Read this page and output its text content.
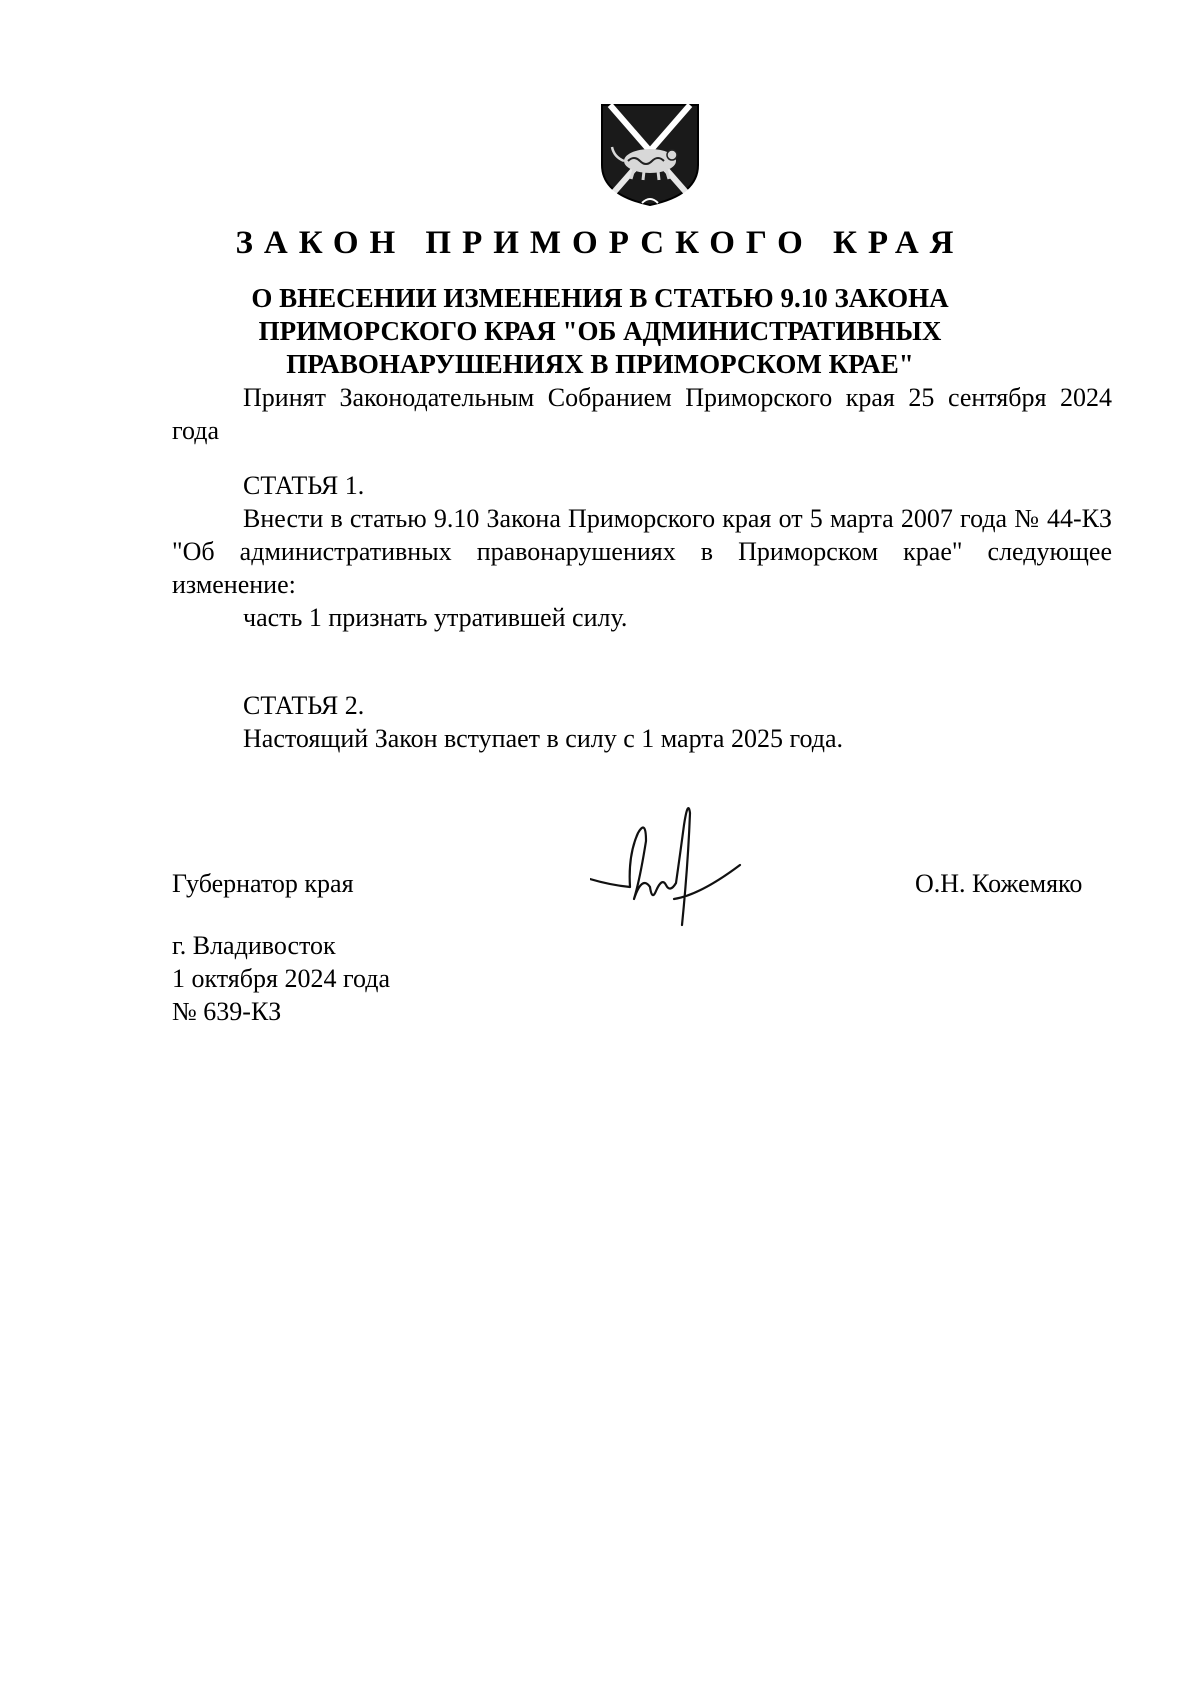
ЗАКОН ПРИМОРСКОГО КРАЯ
О ВНЕСЕНИИ ИЗМЕНЕНИЯ В СТАТЬЮ 9.10 ЗАКОНА
ПРИМОРСКОГО КРАЯ "ОБ АДМИНИСТРАТИВНЫХ
ПРАВОНАРУШЕНИЯХ В ПРИМОРСКОМ КРАЕ"

Принят Законодательным Собранием Приморского края 25 сентября 2024 года

СТАТЬЯ 1.

Внести в статью 9.10 Закона Приморского края от 5 марта 2007 года № 44-КЗ "Об административных правонарушениях в Приморском крае" следующее изменение:

часть 1 признать утратившей силу.

СТАТЬЯ 2.

Настоящий Закон вступает в силу с 1 марта 2025 года.

Губернатор края	О.Н. Кожемяко

г. Владивосток

1 октября 2024 года

№ 639-КЗ
